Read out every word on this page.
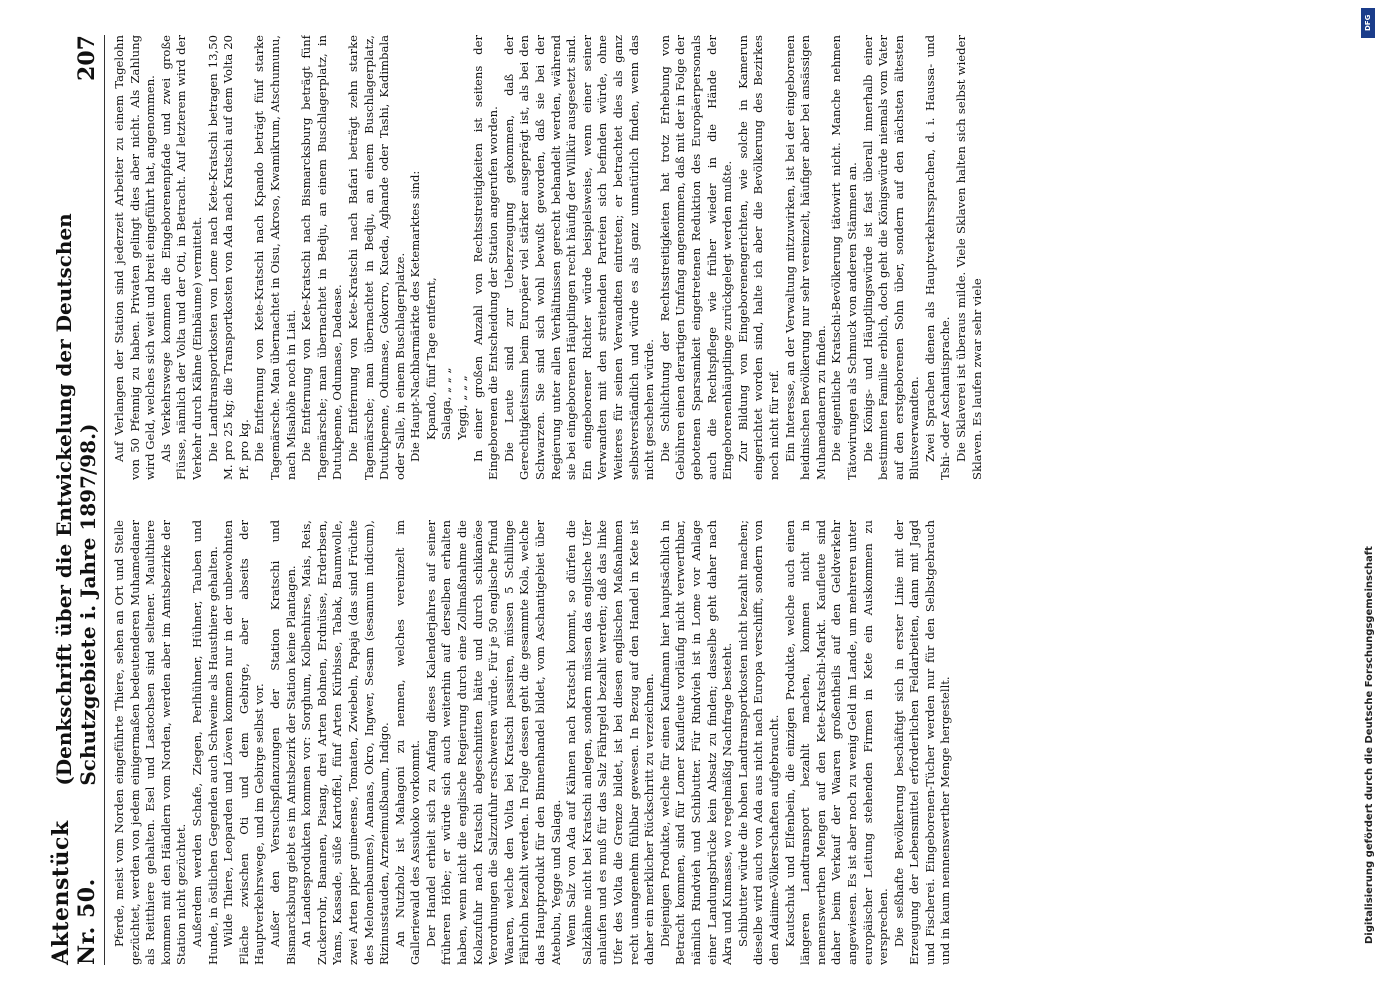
Aktenstück Nr. 50.
(Denkschrift über die Entwickelung der Deutschen Schutzgebiete i. Jahre 1897/98.)
207

Pferde, meist vom Norden eingeführte Thiere, sehen an Ort und Stelle gezüchtet, werden von jedem einigermaßen bedeutenderen Muhamedaner als Reitthiere gehalten. Esel und Lastochsen sind seltener. Maulthiere kommen mit den Händlern vom Norden, werden aber im Amtsbezirke der Station nicht gezüchtet. Außerdem werden Schafe, Ziegen, Perlhühner, Hühner, Tauben und Hunde, in östlichen Gegenden auch Schweine als Hausthiere gehalten. Wilde Thiere, Leoparden und Löwen kommen nur in der unbewohnten Fläche zwischen Oti und dem Gebirge, aber abseits der Hauptverkehrswege, und im Gebirge selbst vor. Außer den Versuchspflanzungen der Station Kratschi und Bismarcksburg giebt es im Amtsbezirk der Station keine Plantagen. An Landesprodukten kommen vor: Sorghum, Kolbenhirse, Mais, Reis, Zuckerrohr, Bananen, Pisang, drei Arten Bohnen, Erdnüsse, Erderbsen, Yams, Kassade, süße Kartoffel, fünf Arten Kürbisse, Tabak, Baumwolle, zwei Arten piper guineense, Tomaten, Zwiebeln, Papaja (das sind Früchte des Melonenbaumes), Ananas, Okro, Ingwer, Sesam (sesamum indicum), Rizinusstauden, Arzneimußbaum, Indigo. An Nutzholz ist Mahagoni zu nennen, welches vereinzelt im Galleriewald des Assukoko vorkommt. Der Handel erhielt sich zu Anfang dieses Kalenderjahres auf seiner früheren Höhe; er würde sich auch weiterhin auf derselben erhalten haben, wenn nicht die englische Regierung durch eine Zollmaßnahme die Kolazufuhr nach Kratschi abgeschnitten hätte und durch schikanöse Verordnungen die Salzzufuhr erschweren würde. Für je 50 englische Pfund Waaren, welche den Volta bei Kratschi passiren, müssen 5 Schillinge Fährlohn bezahlt werden. In Folge dessen geht die gesammte Kola, welche das Hauptprodukt für den Binnenhandel bildet, vom Aschantigebiet über Atebubu, Yegge und Salaga. Wenn Salz von Ada auf Kähnen nach Kratschi kommt, so dürfen die Salzkähne nicht bei Kratschi anlegen, sondern müssen das englische Ufer anlaufen und es muß für das Salz Fährgeld bezahlt werden; daß das linke Ufer des Volta die Grenze bildet, ist bei diesen englischen Maßnahmen recht unangenehm fühlbar gewesen. In Bezug auf den Handel in Kete ist daher ein merklicher Rückschritt zu verzeichnen. Diejenigen Produkte, welche für einen Kaufmann hier hauptsächlich in Betracht kommen, sind für Lomer Kaufleute vorläufig nicht verwerthbar, nämlich Rindvieh und Schibutter. Für Rindvieh ist in Lome vor Anlage einer Landungsbrücke kein Absatz zu finden; dasselbe geht daher nach Akra und Kumasse, wo regelmäßig Nachfrage besteht. Schibutter würde die hohen Landtransportkosten nicht bezahlt machen; dieselbe wird auch von Ada aus nicht nach Europa verschifft, sondern von den Adaiime-Völkerschaften aufgebraucht. Kautschuk und Elfenbein, die einzigen Produkte, welche auch einen längeren Landtransport bezahlt machen, kommen nicht in nennenswerthen Mengen auf den Kete-Kratschi-Markt. Kaufleute sind daher beim Verkauf der Waaren großentheils auf den Geldverkehr angewiesen. Es ist aber noch zu wenig Geld im Lande, um mehreren unter europäischer Leitung stehenden Firmen in Kete ein Auskommen zu versprechen. Die seßhafte Bevölkerung beschäftigt sich in erster Linie mit der Erzeugung der Lebensmittel erforderlichen Feldarbeiten, dann mit Jagd und Fischerei. Eingeborenen-Tücher werden nur für den Selbstgebrauch und in kaum nennenswerther Menge hergestellt.

Auf Verlangen der Station sind jederzeit Arbeiter zu einem Tagelohn von 50 Pfennig zu haben. Privaten gelingt dies aber nicht. Als Zahlung wird Geld, welches sich weit und breit eingeführt hat, angenommen. Als Verkehrswege kommen die Eingeborenenpfade und zwei große Flüsse, nämlich der Volta und der Oti, in Betracht. Auf letzterem wird der Verkehr durch Kähne (Einbäume) vermittelt. Die Landtransportkosten von Lome nach Kete-Kratschi betragen 13,50 M. pro 25 kg; die Transportkosten von Ada nach Kratschi auf dem Volta 20 Pf. pro kg. Die Entfernung von Kete-Kratschi nach Kpando beträgt fünf starke Tagemärsche. Man übernachtet in Oisu, Akroso, Kwamikrum, Atschumunu, nach Misahöhe noch in Liati. Die Entfernung von Kete-Kratschi nach Bismarcksburg beträgt fünf Tagemärsche; man übernachtet in Bedju, an einem Buschlagerplatz, in Dutukpenne, Odumase, Dadease. Die Entfernung von Kete-Kratschi nach Bafari beträgt zehn starke Tagemärsche; man übernachtet in Bedju, an einem Buschlagerplatz, Dutukpenne, Odumase, Gokorro, Kueda, Aghande oder Tashi, Kadimbala oder Salle, in einem Buschlagerplatze. Die Haupt-Nachbarmärkte des Ketemarktes sind: Kpando, fünf Tage entfernt, Salaga, „ „ „ Yeggi, „ „ „ In einer großen Anzahl von Rechtsstreitigkeiten ist seitens der Eingeborenen die Entscheidung der Station angerufen worden. Die Leute sind zur Ueberzeugung gekommen, daß der Gerechtigkeitssinn beim Europäer viel stärker ausgeprägt ist, als bei den Schwarzen. Sie sind sich wohl bewußt geworden, daß sie bei der Regierung unter allen Verhältnissen gerecht behandelt werden, während sie bei eingeborenen Häuptlingen recht häufig der Willkür ausgesetzt sind. Ein eingeborener Richter würde beispielsweise, wenn einer seiner Verwandten mit den streitenden Parteien sich befinden würde, ohne Weiteres für seinen Verwandten eintreten; er betrachtet dies als ganz selbstverständlich und würde es als ganz unnatürlich finden, wenn das nicht geschehen würde. Die Schlichtung der Rechtsstreitigkeiten hat trotz Erhebung von Gebühren einen derartigen Umfang angenommen, daß mit der in Folge der gebotenen Sparsamkeit eingetretenen Reduktion des Europäerpersonals auch die Rechtspflege wie früher wieder in die Hände der Eingeborenenhäuptlinge zurückgelegt werden mußte. Zur Bildung von Eingeborenengerichten, wie solche in Kamerun eingerichtet worden sind, halte ich aber die Bevölkerung des Bezirkes noch nicht für reif. Ein Interesse, an der Verwaltung mitzuwirken, ist bei der eingeborenen heidnischen Bevölkerung nur sehr vereinzelt, häufiger aber bei ansässigen Muhamedanern zu finden. Die eigentliche Kratschi-Bevölkerung tätowirt nicht. Manche nehmen Tätowirungen als Schmuck von anderen Stämmen an. Die Königs- und Häuptlingswürde ist fast überall innerhalb einer bestimmten Familie erblich, doch geht die Königswürde niemals vom Vater auf den erstgeborenen Sohn über, sondern auf den nächsten ältesten Blutsverwandten. Zwei Sprachen dienen als Hauptverkehrssprachen, d. i. Haussa- und Tshi- oder Aschantisprache. Die Sklaverei ist überaus milde. Viele Sklaven halten sich selbst wieder Sklaven. Es laufen zwar sehr viele

DFG
Digitalisierung gefördert durch die Deutsche Forschungsgemeinschaft
